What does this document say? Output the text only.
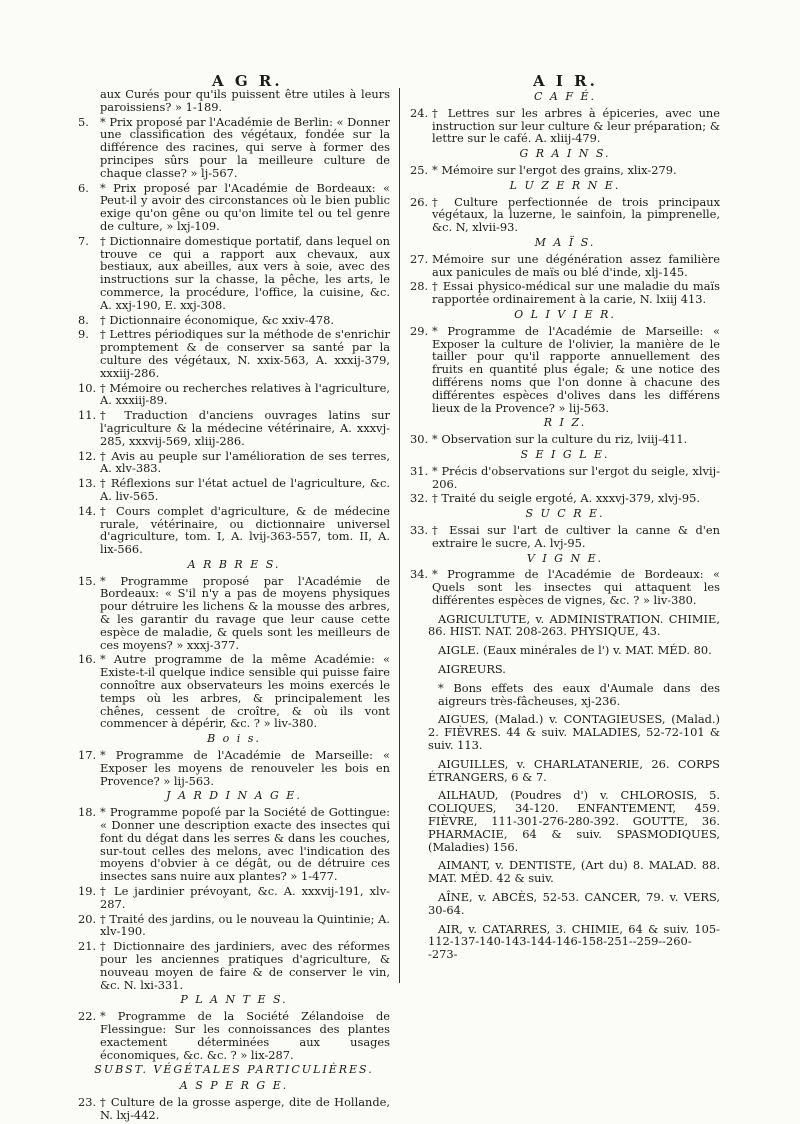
A G R.	A I R.
aux Curés pour qu'ils puissent être utiles à leurs paroissiens? » 1-189.
5. * Prix proposé par l'Académie de Berlin: « Donner une classification des végétaux, fondée sur la différence des racines, qui serve à former des principes sûrs pour la meilleure culture de chaque classe? » lj-567.
6. * Prix proposé par l'Académie de Bordeaux: « Peut-il y avoir des circonstances où le bien public exige qu'on gêne ou qu'on limite tel ou tel genre de culture, » lxj-109.
7. † Dictionnaire domestique portatif, dans lequel on trouve ce qui a rapport aux chevaux, aux bestiaux, aux abeilles, aux vers à soie, avec des instructions sur la chasse, la pêche, les arts, le commerce, la procédure, l'office, la cuisine, &c. A. xxj-190, E. xxj-308.
8. † Dictionnaire économique, &c xxiv-478.
9. † Lettres périodiques sur la méthode de s'enrichir promptement & de conserver sa santé par la culture des végétaux, N. xxix-563, A. xxxij-379, xxxiij-286.
10. † Mémoire ou recherches relatives à l'agriculture, A. xxxiij-89.
11. † Traduction d'anciens ouvrages latins sur l'agriculture & la médecine vétérinaire, A. xxxvj-285, xxxvij-569, xliij-286.
12. † Avis au peuple sur l'amélioration de ses terres, A. xlv-383.
13. † Réflexions sur l'état actuel de l'agriculture, &c. A. liv-565.
14. † Cours complet d'agriculture, & de médecine rurale, vétérinaire, ou dictionnaire universel d'agriculture, tom. I, A. lvij-363-557, tom. II, A. lix-566.
A R B R E S.
15. * Programme proposé par l'Académie de Bordeaux: « S'il n'y a pas de moyens physiques pour détruire les lichens & la mousse des arbres, & les garantir du ravage que leur cause cette espèce de maladie, & quels sont les meilleurs de ces moyens? » xxxj-377.
16. * Autre programme de la même Académie: « Existe-t-il quelque indice sensible qui puisse faire connoître aux observateurs les moins exercés le temps où les arbres, & principalement les chênes, cessent de croître, & où ils vont commencer à dépérir, &c. ? » liv-380.
B o i s.
17. * Programme de l'Académie de Marseille: « Exposer les moyens de renouveler les bois en Provence? » lij-563.
J A R D I N A G E.
18. * Programme popoſé par la Société de Gottingue: « Donner une description exacte des insectes qui font du dégat dans les serres & dans les couches, sur-tout celles des melons, avec l'indication des moyens d'obvier à ce dégât, ou de détruire ces insectes sans nuire aux plantes? » 1-477.
19. † Le jardinier prévoyant, &c. A. xxxvij-191, xlv-287.
20. † Traité des jardins, ou le nouveau la Quintinie; A. xlv-190.
21. † Dictionnaire des jardiniers, avec des réformes pour les anciennes pratiques d'agriculture, & nouveau moyen de faire & de conserver le vin, &c. N. lxi-331.
P L A N T E S.
22. * Programme de la Société Zélandoise de Flessingue: Sur les connoissances des plantes exactement déterminées aux usages économiques, &c. &c. ? » lix-287.
SUBST. VÉGÉTALES PARTICULIÈRES.
A S P E R G E.
23. † Culture de la grosse asperge, dite de Hollande, N. lxj-442.
C A F É.
24. † Lettres sur les arbres à épiceries, avec une instruction sur leur culture & leur préparation; & lettre sur le café. A. xliij-479.
G R A I N S.
25. * Mémoire sur l'ergot des grains, xlix-279.
L U Z E R N E.
26. † Culture perfectionnée de trois principaux végétaux, la luzerne, le sainfoin, la pimprenelle, &c. N, xlvii-93.
M A Ï S.
27. Mémoire sur une dégénération assez familière aux panicules de maïs ou blé d'inde, xlj-145.
28. † Essai physico-médical sur une maladie du maïs rapportée ordinairement à la carie, N. lxiij 413.
O L I V I E R.
29. * Programme de l'Académie de Marseille: « Exposer la culture de l'olivier, la manière de le tailler pour qu'il rapporte annuellement des fruits en quantité plus égale; & une notice des différens noms que l'on donne à chacune des différentes espèces d'olives dans les différens lieux de la Provence? » lij-563.
R I Z.
30. * Observation sur la culture du riz, lviij-411.
S E I G L E.
31. * Précis d'observations sur l'ergot du seigle, xlvij-206.
32. † Traité du seigle ergoté, A. xxxvj-379, xlvj-95.
S U C R E.
33. † Essai sur l'art de cultiver la canne & d'en extraire le sucre, A. lvj-95.
V I G N E.
34. * Programme de l'Académie de Bordeaux: « Quels sont les insectes qui attaquent les différentes espèces de vignes, &c. ? » liv-380.
AGRICULTUTE, v. ADMINISTRATION. CHIMIE, 86. HIST. NAT. 208-263. PHYSIQUE, 43.
AIGLE. (Eaux minérales de l') v. MAT. MÉD. 80.
AIGREURS.
* Bons effets des eaux d'Aumale dans des aigreurs très-fâcheuses, xj-236.
AIGUES, (Malad.) v. CONTAGIEUSES, (Malad.) 2. FIÈVRES. 44 & suiv. MALADIES, 52-72-101 & suiv. 113.
AIGUILLES, v. CHARLATANERIE, 26. CORPS ÉTRANGERS, 6 & 7.
AILHAUD, (Poudres d') v. CHLOROSIS, 5. COLIQUES, 34-120. ENFANTEMENT, 459. FIÈVRE, 111-301-276-280-392. GOUTTE, 36. PHARMACIE, 64 & suiv. SPASMODIQUES, (Maladies) 156.
AIMANT, v. DENTISTE, (Art du) 8. MALAD. 88. MAT. MÉD. 42 & suiv.
AÎNE, v. ABCÈS, 52-53. CANCER, 79. v. VERS, 30-64.
AIR, v. CATARRES, 3. CHIMIE, 64 & suiv. 105-112-137-140-143-144-146-158-251--259--260--273-
